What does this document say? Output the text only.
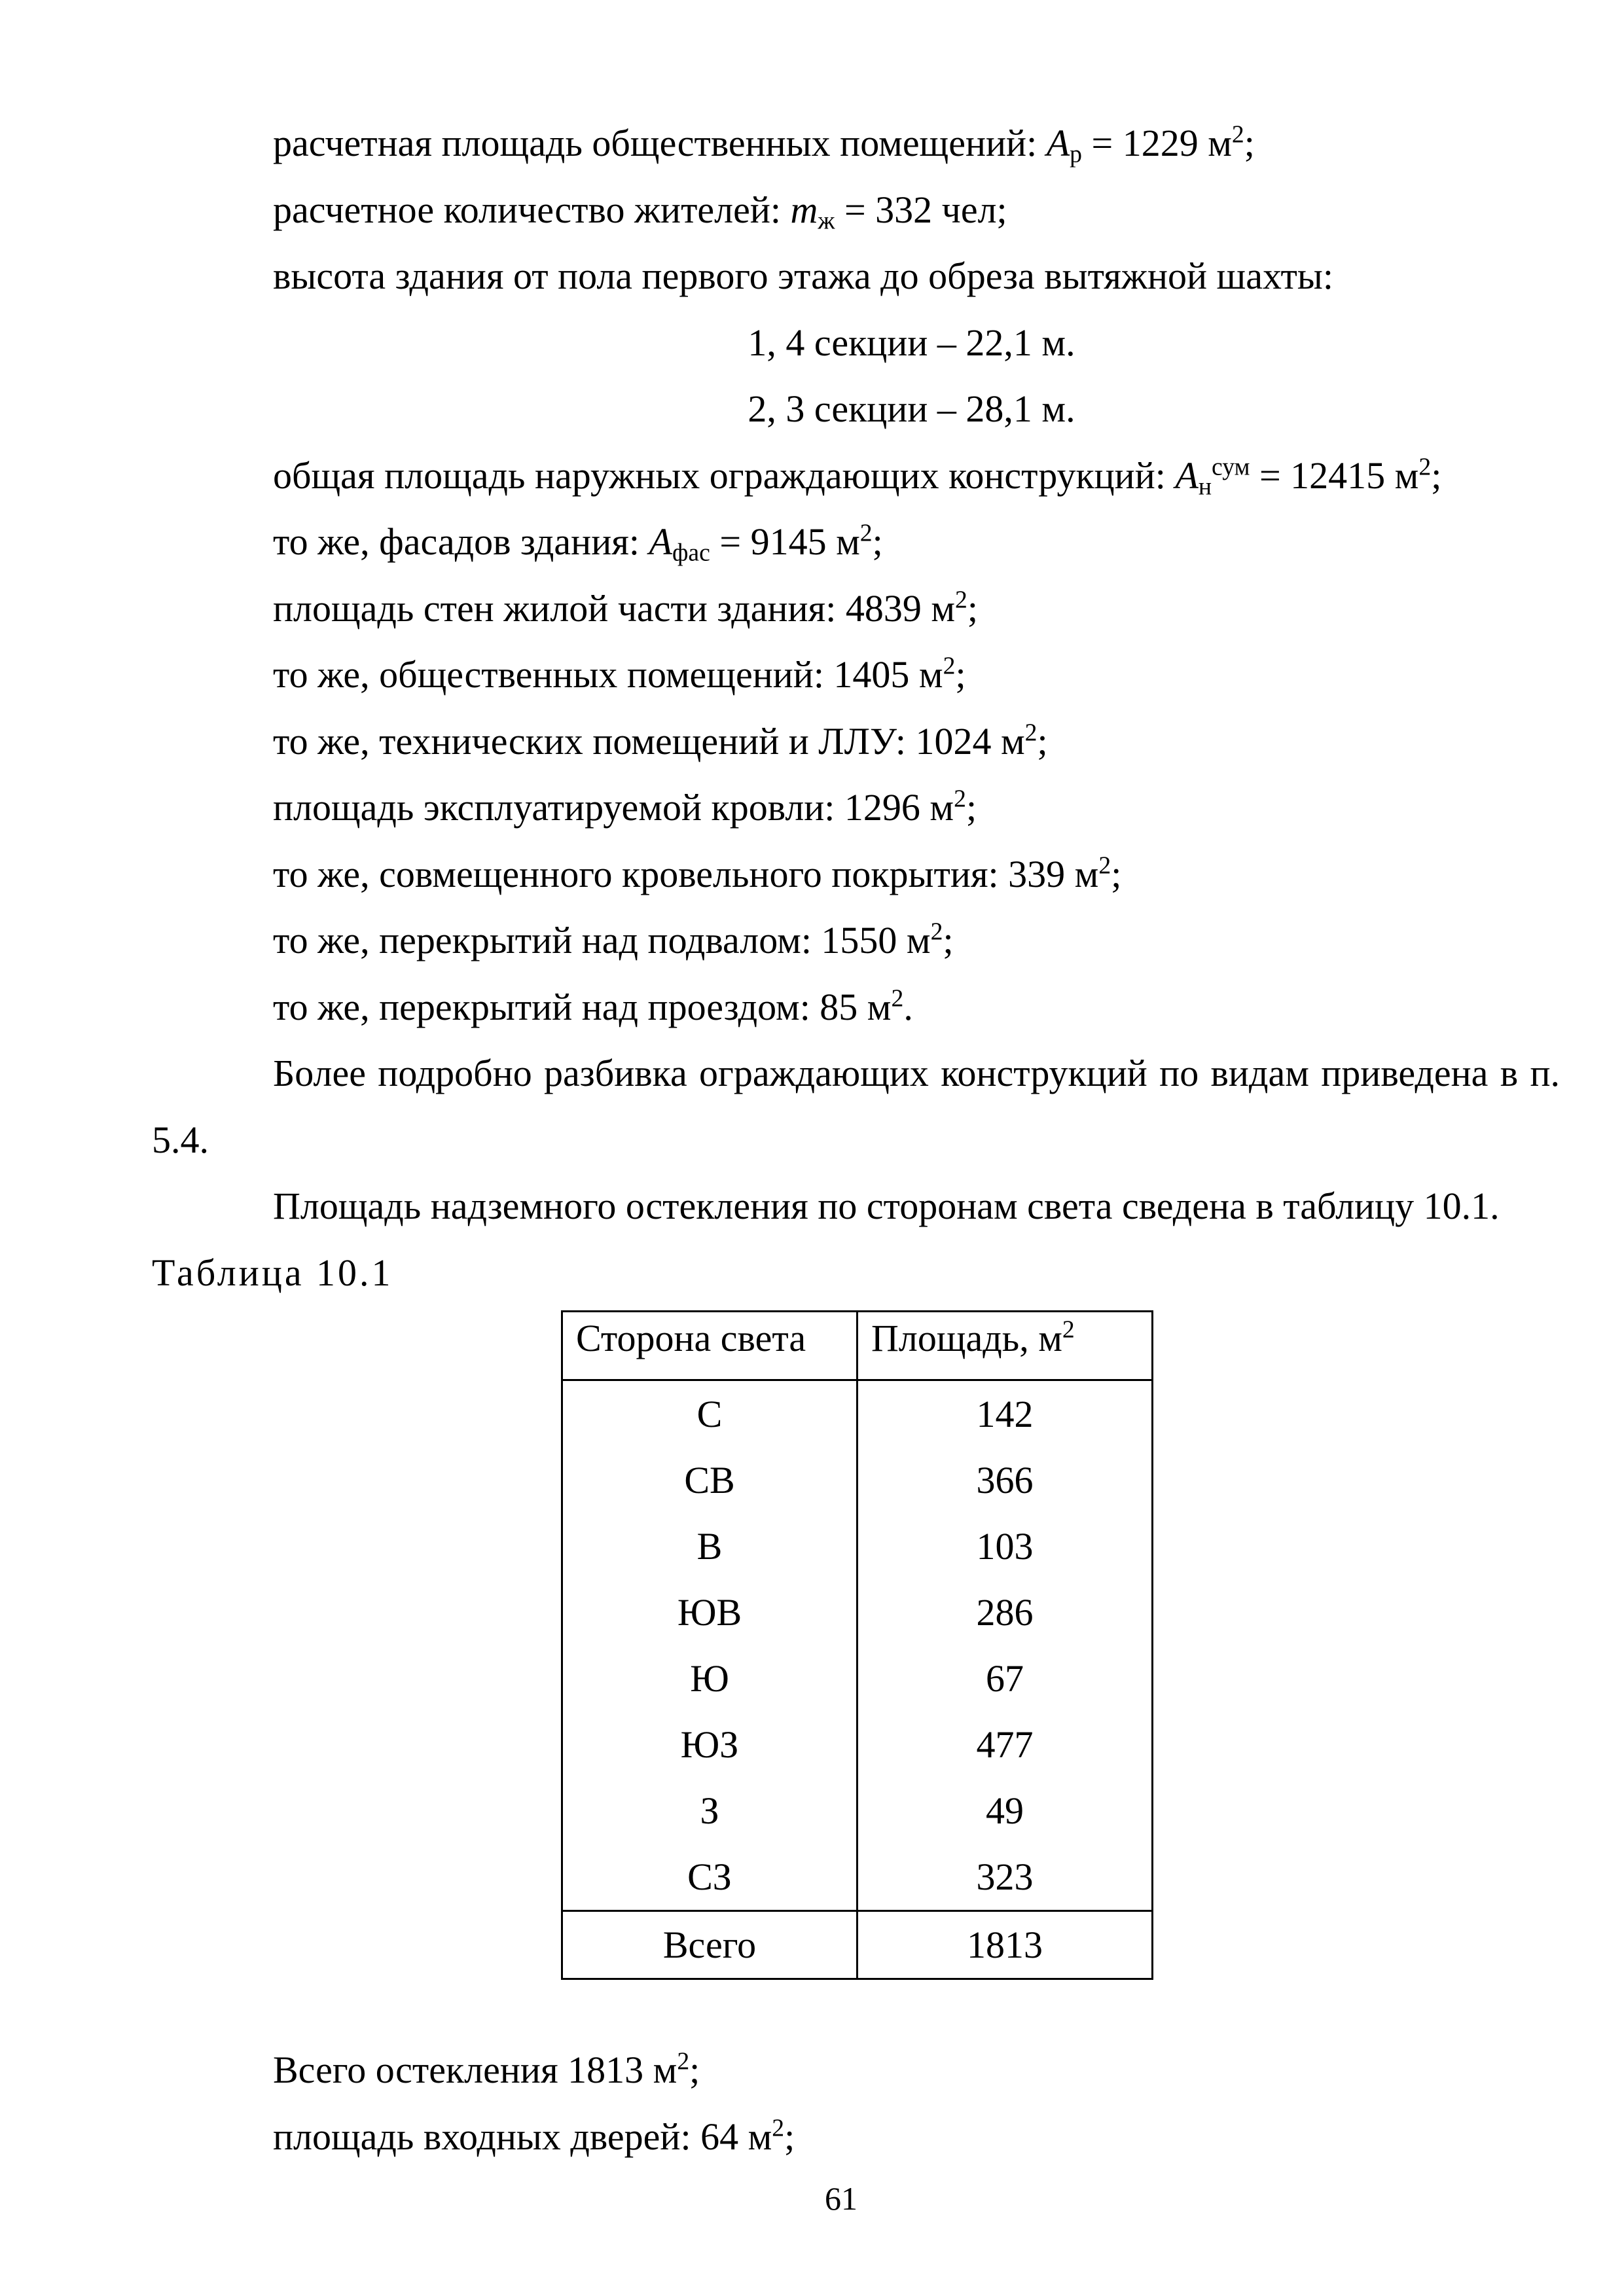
расчетная площадь общественных помещений: $A_р = 1229$ $м^2$;

расчетное количество жителей: $m_ж = 332$ чел;

высота здания от пола первого этажа до обреза вытяжной шахты:

1, 4 секции – 22,1 м.

2, 3 секции – 28,1 м.

общая площадь наружных ограждающих конструкций: $A_н^{сум} = 12415$ $м^2$;

то же, фасадов здания: $A_{фас} = 9145$ $м^2$;

площадь стен жилой части здания: 4839 $м^2$;

то же, общественных помещений: 1405 $м^2$;

то же, технических помещений и ЛЛУ: 1024 $м^2$;

площадь эксплуатируемой кровли: 1296 $м^2$;

то же, совмещенного кровельного покрытия: 339 $м^2$;

то же, перекрытий над подвалом: 1550 $м^2$;

то же, перекрытий над проездом: 85 $м^2$.

Более подробно разбивка ограждающих конструкций по видам приведена в п. 5.4.

Площадь надземного остекления по сторонам света сведена в таблицу 10.1.

Таблица 10.1

Сторона света	Площадь, $м^2$
С	142
СВ	366
В	103
ЮВ	286
Ю	67
ЮЗ	477
З	49
СЗ	323
Всего	1813

Всего остекления 1813 $м^2$;

площадь входных дверей: 64 $м^2$;

61
